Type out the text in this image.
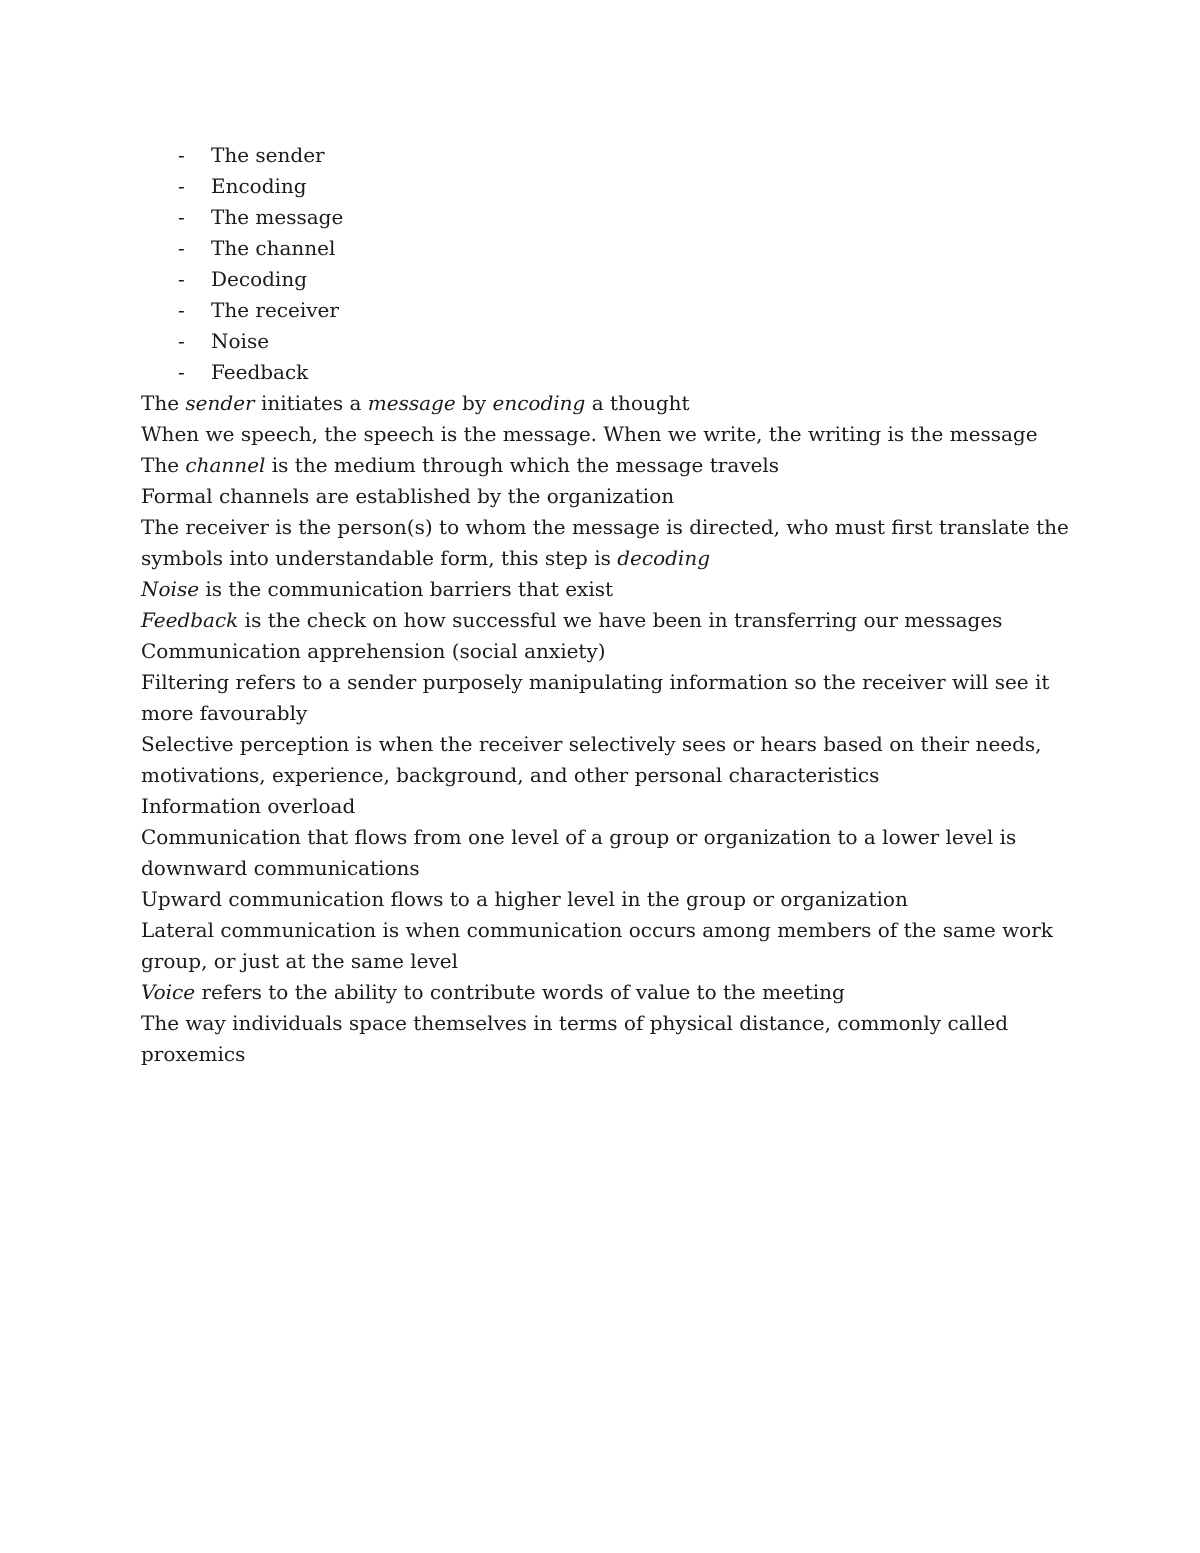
- The sender
- Encoding
- The message
- The channel
- Decoding
- The receiver
- Noise
- Feedback

The sender initiates a message by encoding a thought

When we speech, the speech is the message. When we write, the writing is the message

The channel is the medium through which the message travels

Formal channels are established by the organization

The receiver is the person(s) to whom the message is directed, who must first translate the symbols into understandable form, this step is decoding

Noise is the communication barriers that exist

Feedback is the check on how successful we have been in transferring our messages

Communication apprehension (social anxiety)

Filtering refers to a sender purposely manipulating information so the receiver will see it more favourably

Selective perception is when the receiver selectively sees or hears based on their needs, motivations, experience, background, and other personal characteristics

Information overload

Communication that flows from one level of a group or organization to a lower level is downward communications

Upward communication flows to a higher level in the group or organization

Lateral communication is when communication occurs among members of the same work group, or just at the same level

Voice refers to the ability to contribute words of value to the meeting

The way individuals space themselves in terms of physical distance, commonly called proxemics
